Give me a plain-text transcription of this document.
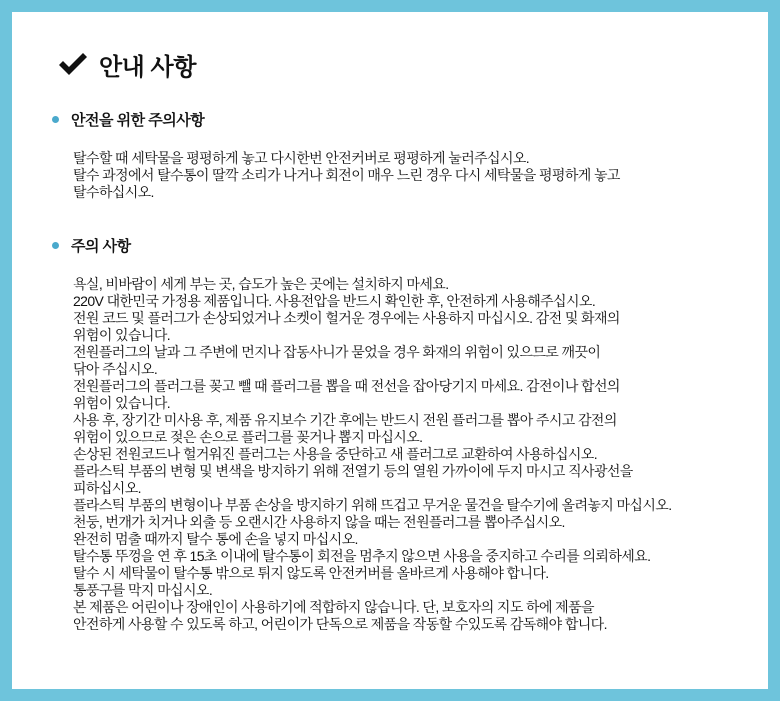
안내 사항
안전을 위한 주의사항
탈수할 때 세탁물을 평평하게 놓고 다시한번 안전커버로 평평하게 눌러주십시오.
탈수 과정에서 탈수통이 딸깍 소리가 나거나 회전이 매우 느린 경우 다시 세탁물을 평평하게 놓고
탈수하십시오.
주의 사항
욕실, 비바람이 세게 부는 곳, 습도가 높은 곳에는 설치하지 마세요.
220V 대한민국 가정용 제품입니다. 사용전압을 반드시 확인한 후, 안전하게 사용해주십시오.
전원 코드 및 플러그가 손상되었거나 소켓이 헐거운 경우에는 사용하지 마십시오. 감전 및 화재의
위험이 있습니다.
전원플러그의 날과 그 주변에 먼지나 잡동사니가 묻었을 경우 화재의 위험이 있으므로 깨끗이
닦아 주십시오.
전원플러그의 플러그를 꽂고 뺄 때 플러그를 뽑을 때 전선을 잡아당기지 마세요. 감전이나 합선의
위험이 있습니다.
사용 후, 장기간 미사용 후, 제품 유지보수 기간 후에는 반드시 전원 플러그를 뽑아 주시고 감전의
위험이 있으므로 젖은 손으로 플러그를 꽂거나 뽑지 마십시오.
손상된 전원코드나 헐거워진 플러그는 사용을 중단하고 새 플러그로 교환하여 사용하십시오.
플라스틱 부품의 변형 및 변색을 방지하기 위해 전열기 등의 열원 가까이에 두지 마시고 직사광선을
피하십시오.
플라스틱 부품의 변형이나 부품 손상을 방지하기 위해 뜨겁고 무거운 물건을 탈수기에 올려놓지 마십시오.
천둥, 번개가 치거나 외출 등 오랜시간 사용하지 않을 때는 전원플러그를 뽑아주십시오.
완전히 멈출 때까지 탈수 통에 손을 넣지 마십시오.
탈수통 뚜껑을 연 후 15초 이내에 탈수통이 회전을 멈추지 않으면 사용을 중지하고 수리를 의뢰하세요.
탈수 시 세탁물이 탈수통 밖으로 튀지 않도록 안전커버를 올바르게 사용해야 합니다.
통풍구를 막지 마십시오.
본 제품은 어린이나 장애인이 사용하기에 적합하지 않습니다. 단, 보호자의 지도 하에 제품을
안전하게 사용할 수 있도록 하고, 어린이가 단독으로 제품을 작동할 수있도록 감독해야 합니다.
